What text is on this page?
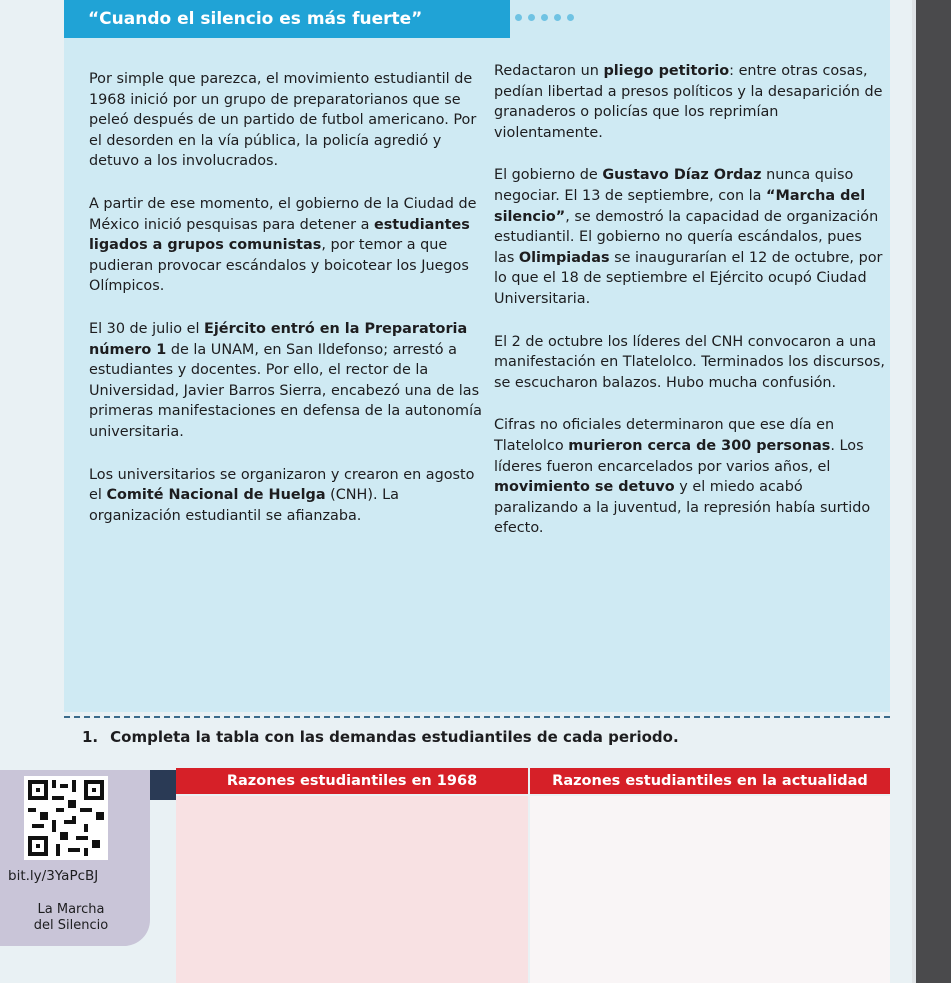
“Cuando el silencio es más fuerte”

Por simple que parezca, el movimiento estudiantil de 1968 inició por un grupo de preparatorianos que se peleó después de un partido de futbol americano. Por el desorden en la vía pública, la policía agredió y detuvo a los involucrados.

A partir de ese momento, el gobierno de la Ciudad de México inició pesquisas para detener a estudiantes ligados a grupos comunistas, por temor a que pudieran provocar escándalos y boicotear los Juegos Olímpicos.

El 30 de julio el Ejército entró en la Preparatoria número 1 de la UNAM, en San Ildefonso; arrestó a estudiantes y docentes. Por ello, el rector de la Universidad, Javier Barros Sierra, encabezó una de las primeras manifestaciones en defensa de la autonomía universitaria.

Los universitarios se organizaron y crearon en agosto el Comité Nacional de Huelga (CNH). La organización estudiantil se afianzaba.

Redactaron un pliego petitorio: entre otras cosas, pedían libertad a presos políticos y la desaparición de granaderos o policías que los reprimían violentamente.

El gobierno de Gustavo Díaz Ordaz nunca quiso negociar. El 13 de septiembre, con la “Marcha del silencio”, se demostró la capacidad de organización estudiantil. El gobierno no quería escándalos, pues las Olimpiadas se inaugurarían el 12 de octubre, por lo que el 18 de septiembre el Ejército ocupó Ciudad Universitaria.

El 2 de octubre los líderes del CNH convocaron a una manifestación en Tlatelolco. Terminados los discursos, se escucharon balazos. Hubo mucha confusión.

Cifras no oficiales determinaron que ese día en Tlatelolco murieron cerca de 300 personas. Los líderes fueron encarcelados por varios años, el movimiento se detuvo y el miedo acabó paralizando a la juventud, la represión había surtido efecto.

1. Completa la tabla con las demandas estudiantiles de cada periodo.
bit.ly/3YaPcBJ
La Marcha
del Silencio
Razones estudiantiles en 1968	Razones estudiantiles en la actualidad
